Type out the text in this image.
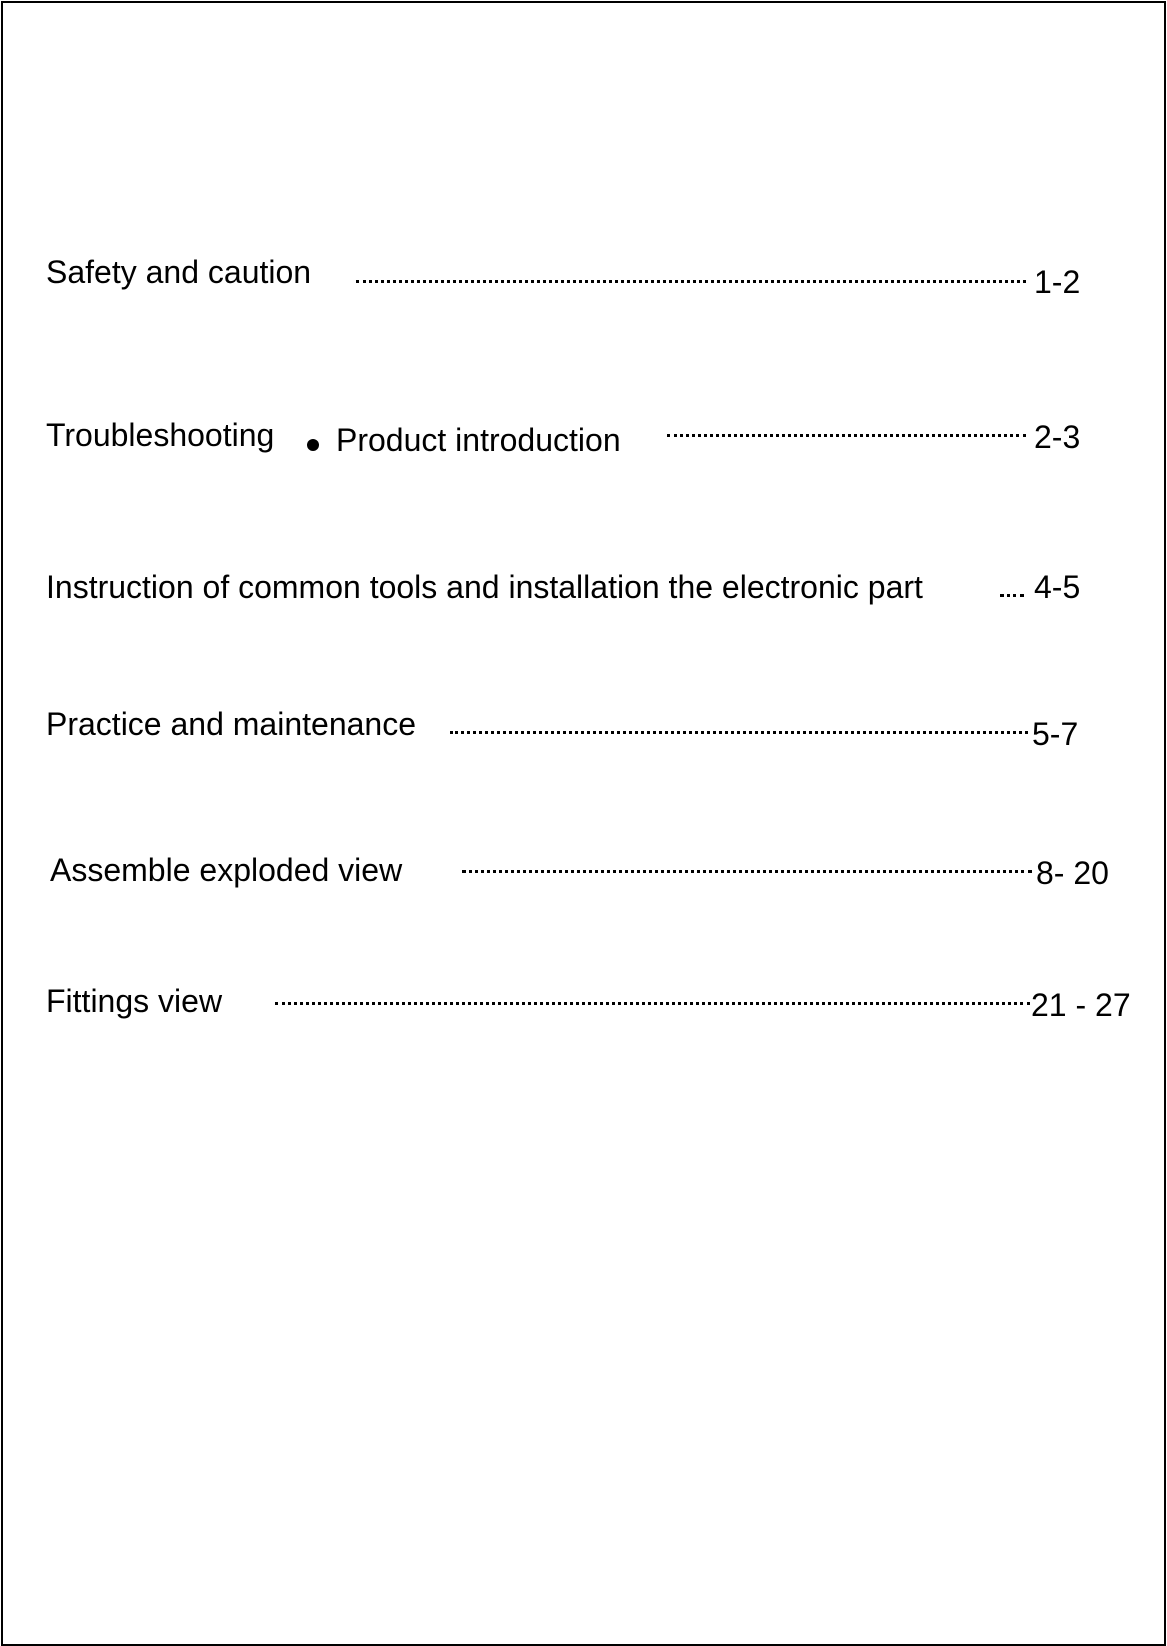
Safety and caution	1-2
Troubleshooting Product introduction	2-3
Instruction of common tools and installation the electronic part	4-5
Practice and maintenance	5-7
Assemble exploded view	8- 20
Fittings view	21 - 27
